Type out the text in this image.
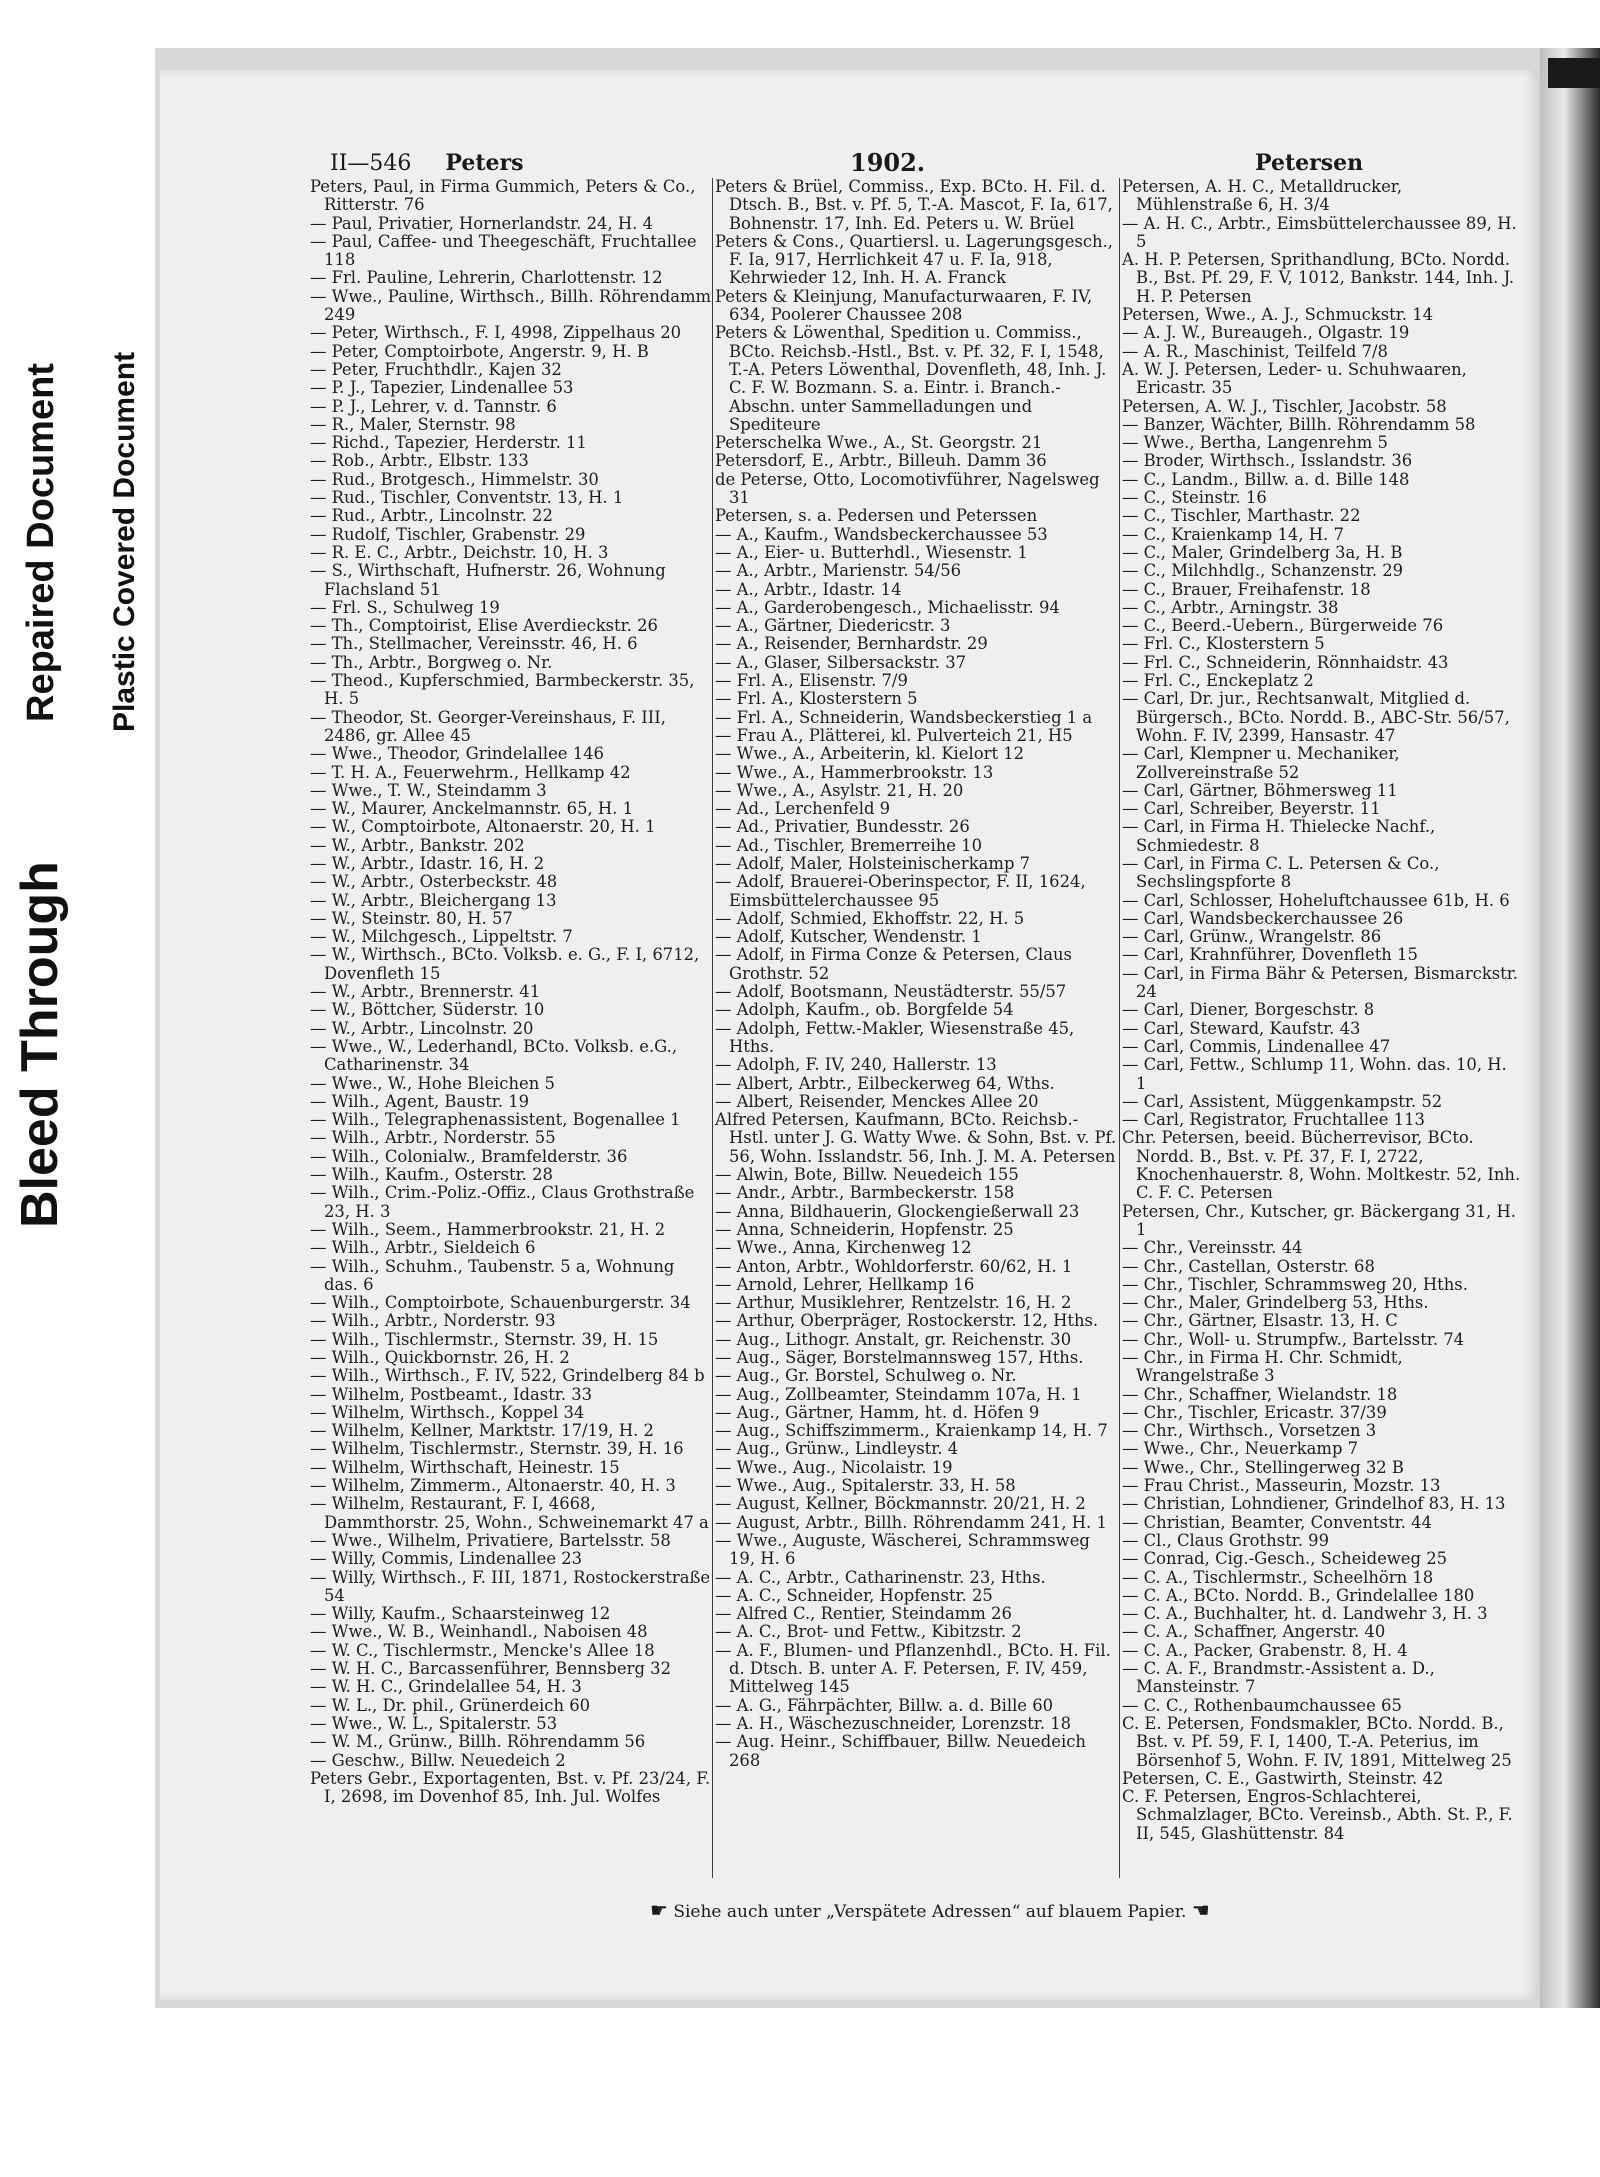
Bleed Through
Repaired Document Plastic Covered Document
II—546 Peters	1902.	Petersen
Peters, Paul, in Firma Gummich, Peters & Co., Ritterstr. 76
— Paul, Privatier, Hornerlandstr. 24, H. 4
— Paul, Caffee- und Theegeschäft, Fruchtallee 118
— Frl. Pauline, Lehrerin, Charlottenstr. 12
— Wwe., Pauline, Wirthsch., Billh. Röhrendamm 249
— Peter, Wirthsch., F. I, 4998, Zippelhaus 20
— Peter, Comptoirbote, Angerstr. 9, H. B
— Peter, Fruchthdlr., Kajen 32
— P. J., Tapezier, Lindenallee 53
— P. J., Lehrer, v. d. Tannstr. 6
— R., Maler, Sternstr. 98
— Richd., Tapezier, Herderstr. 11
— Rob., Arbtr., Elbstr. 133
— Rud., Brotgesch., Himmelstr. 30
— Rud., Tischler, Conventstr. 13, H. 1
— Rud., Arbtr., Lincolnstr. 22
— Rudolf, Tischler, Grabenstr. 29
— R. E. C., Arbtr., Deichstr. 10, H. 3
— S., Wirthschaft, Hufnerstr. 26, Wohnung Flachsland 51
— Frl. S., Schulweg 19
— Th., Comptoirist, Elise Averdieckstr. 26
— Th., Stellmacher, Vereinsstr. 46, H. 6
— Th., Arbtr., Borgweg o. Nr.
— Theod., Kupferschmied, Barmbeckerstr. 35, H. 5
— Theodor, St. Georger-Vereinshaus, F. III, 2486, gr. Allee 45
— Wwe., Theodor, Grindelallee 146
— T. H. A., Feuerwehrm., Hellkamp 42
— Wwe., T. W., Steindamm 3
— W., Maurer, Anckelmannstr. 65, H. 1
— W., Comptoirbote, Altonaerstr. 20, H. 1
— W., Arbtr., Bankstr. 202
— W., Arbtr., Idastr. 16, H. 2
— W., Arbtr., Osterbeckstr. 48
— W., Arbtr., Bleichergang 13
— W., Steinstr. 80, H. 57
— W., Milchgesch., Lippeltstr. 7
— W., Wirthsch., BCto. Volksb. e. G., F. I, 6712, Dovenfleth 15
— W., Arbtr., Brennerstr. 41
— W., Böttcher, Süderstr. 10
— W., Arbtr., Lincolnstr. 20
— Wwe., W., Lederhandl, BCto. Volksb. e.G., Catharinenstr. 34
— Wwe., W., Hohe Bleichen 5
— Wilh., Agent, Baustr. 19
— Wilh., Telegraphenassistent, Bogenallee 1
— Wilh., Arbtr., Norderstr. 55
— Wilh., Colonialw., Bramfelderstr. 36
— Wilh., Kaufm., Osterstr. 28
— Wilh., Crim.-Poliz.-Offiz., Claus Grothstraße 23, H. 3
— Wilh., Seem., Hammerbrookstr. 21, H. 2
— Wilh., Arbtr., Sieldeich 6
— Wilh., Schuhm., Taubenstr. 5 a, Wohnung das. 6
— Wilh., Comptoirbote, Schauenburgerstr. 34
— Wilh., Arbtr., Norderstr. 93
— Wilh., Tischlermstr., Sternstr. 39, H. 15
— Wilh., Quickbornstr. 26, H. 2
— Wilh., Wirthsch., F. IV, 522, Grindelberg 84 b
— Wilhelm, Postbeamt., Idastr. 33
— Wilhelm, Wirthsch., Koppel 34
— Wilhelm, Kellner, Marktstr. 17/19, H. 2
— Wilhelm, Tischlermstr., Sternstr. 39, H. 16
— Wilhelm, Wirthschaft, Heinestr. 15
— Wilhelm, Zimmerm., Altonaerstr. 40, H. 3
— Wilhelm, Restaurant, F. I, 4668, Dammthorstr. 25, Wohn., Schweinemarkt 47 a
— Wwe., Wilhelm, Privatiere, Bartelsstr. 58
— Willy, Commis, Lindenallee 23
— Willy, Wirthsch., F. III, 1871, Rostockerstraße 54
— Willy, Kaufm., Schaarsteinweg 12
— Wwe., W. B., Weinhandl., Naboisen 48
— W. C., Tischlermstr., Mencke's Allee 18
— W. H. C., Barcassenführer, Bennsberg 32
— W. H. C., Grindelallee 54, H. 3
— W. L., Dr. phil., Grünerdeich 60
— Wwe., W. L., Spitalerstr. 53
— W. M., Grünw., Billh. Röhrendamm 56
— Geschw., Billw. Neuedeich 2
Peters Gebr., Exportagenten, Bst. v. Pf. 23/24, F. I, 2698, im Dovenhof 85, Inh. Jul. Wolfes
Peters & Brüel, Commiss., Exp. BCto. H. Fil. d. Dtsch. B., Bst. v. Pf. 5, T.-A. Mascot, F. Ia, 617, Bohnenstr. 17, Inh. Ed. Peters u. W. Brüel
Peters & Cons., Quartiersl. u. Lagerungsgesch., F. Ia, 917, Herrlichkeit 47 u. F. Ia, 918, Kehrwieder 12, Inh. H. A. Franck
Peters & Kleinjung, Manufacturwaaren, F. IV, 634, Poolerer Chaussee 208
Peters & Löwenthal, Spedition u. Commiss., BCto. Reichsb.-Hstl., Bst. v. Pf. 32, F. I, 1548, T.-A. Peters Löwenthal, Dovenfleth, 48, Inh. J. C. F. W. Bozmann. S. a. Eintr. i. Branch.-Abschn. unter Sammelladungen und Spediteure
Peterschelka Wwe., A., St. Georgstr. 21
Petersdorf, E., Arbtr., Billeuh. Damm 36
de Peterse, Otto, Locomotivführer, Nagelsweg 31
Petersen, s. a. Pedersen und Peterssen
— A., Kaufm., Wandsbeckerchaussee 53
— A., Eier- u. Butterhdl., Wiesenstr. 1
— A., Arbtr., Marienstr. 54/56
— A., Arbtr., Idastr. 14
— A., Garderobengesch., Michaelisstr. 94
— A., Gärtner, Diedericstr. 3
— A., Reisender, Bernhardstr. 29
— A., Glaser, Silbersackstr. 37
— Frl. A., Elisenstr. 7/9
— Frl. A., Klosterstern 5
— Frl. A., Schneiderin, Wandsbeckerstieg 1 a
— Frau A., Plätterei, kl. Pulverteich 21, H5
— Wwe., A., Arbeiterin, kl. Kielort 12
— Wwe., A., Hammerbrookstr. 13
— Wwe., A., Asylstr. 21, H. 20
— Ad., Lerchenfeld 9
— Ad., Privatier, Bundesstr. 26
— Ad., Tischler, Bremerreihe 10
— Adolf, Maler, Holsteinischerkamp 7
— Adolf, Brauerei-Oberinspector, F. II, 1624, Eimsbüttelerchaussee 95
— Adolf, Schmied, Ekhoffstr. 22, H. 5
— Adolf, Kutscher, Wendenstr. 1
— Adolf, in Firma Conze & Petersen, Claus Grothstr. 52
— Adolf, Bootsmann, Neustädterstr. 55/57
— Adolph, Kaufm., ob. Borgfelde 54
— Adolph, Fettw.-Makler, Wiesenstraße 45, Hths.
— Adolph, F. IV, 240, Hallerstr. 13
— Albert, Arbtr., Eilbeckerweg 64, Wths.
— Albert, Reisender, Menckes Allee 20
Alfred Petersen, Kaufmann, BCto. Reichsb.-Hstl. unter J. G. Watty Wwe. & Sohn, Bst. v. Pf. 56, Wohn. Isslandstr. 56, Inh. J. M. A. Petersen
— Alwin, Bote, Billw. Neuedeich 155
— Andr., Arbtr., Barmbeckerstr. 158
— Anna, Bildhauerin, Glockengießerwall 23
— Anna, Schneiderin, Hopfenstr. 25
— Wwe., Anna, Kirchenweg 12
— Anton, Arbtr., Wohldorferstr. 60/62, H. 1
— Arnold, Lehrer, Hellkamp 16
— Arthur, Musiklehrer, Rentzelstr. 16, H. 2
— Arthur, Oberpräger, Rostockerstr. 12, Hths.
— Aug., Lithogr. Anstalt, gr. Reichenstr. 30
— Aug., Säger, Borstelmannsweg 157, Hths.
— Aug., Gr. Borstel, Schulweg o. Nr.
— Aug., Zollbeamter, Steindamm 107a, H. 1
— Aug., Gärtner, Hamm, ht. d. Höfen 9
— Aug., Schiffszimmerm., Kraienkamp 14, H. 7
— Aug., Grünw., Lindleystr. 4
— Wwe., Aug., Nicolaistr. 19
— Wwe., Aug., Spitalerstr. 33, H. 58
— August, Kellner, Böckmannstr. 20/21, H. 2
— August, Arbtr., Billh. Röhrendamm 241, H. 1
— Wwe., Auguste, Wäscherei, Schrammsweg 19, H. 6
— A. C., Arbtr., Catharinenstr. 23, Hths.
— A. C., Schneider, Hopfenstr. 25
— Alfred C., Rentier, Steindamm 26
— A. C., Brot- und Fettw., Kibitzstr. 2
— A. F., Blumen- und Pflanzenhdl., BCto. H. Fil. d. Dtsch. B. unter A. F. Petersen, F. IV, 459, Mittelweg 145
— A. G., Fährpächter, Billw. a. d. Bille 60
— A. H., Wäschezuschneider, Lorenzstr. 18
— Aug. Heinr., Schiffbauer, Billw. Neuedeich 268
Petersen, A. H. C., Metalldrucker, Mühlenstraße 6, H. 3/4
— A. H. C., Arbtr., Eimsbüttelerchaussee 89, H. 5
A. H. P. Petersen, Sprithandlung, BCto. Nordd. B., Bst. Pf. 29, F. V, 1012, Bankstr. 144, Inh. J. H. P. Petersen
Petersen, Wwe., A. J., Schmuckstr. 14
— A. J. W., Bureaugeh., Olgastr. 19
— A. R., Maschinist, Teilfeld 7/8
A. W. J. Petersen, Leder- u. Schuhwaaren, Ericastr. 35
Petersen, A. W. J., Tischler, Jacobstr. 58
— Banzer, Wächter, Billh. Röhrendamm 58
— Wwe., Bertha, Langenrehm 5
— Broder, Wirthsch., Isslandstr. 36
— C., Landm., Billw. a. d. Bille 148
— C., Steinstr. 16
— C., Tischler, Marthastr. 22
— C., Kraienkamp 14, H. 7
— C., Maler, Grindelberg 3a, H. B
— C., Milchhdlg., Schanzenstr. 29
— C., Brauer, Freihafenstr. 18
— C., Arbtr., Arningstr. 38
— C., Beerd.-Uebern., Bürgerweide 76
— Frl. C., Klosterstern 5
— Frl. C., Schneiderin, Rönnhaidstr. 43
— Frl. C., Enckeplatz 2
— Carl, Dr. jur., Rechtsanwalt, Mitglied d. Bürgersch., BCto. Nordd. B., ABC-Str. 56/57, Wohn. F. IV, 2399, Hansastr. 47
— Carl, Klempner u. Mechaniker, Zollvereinstraße 52
— Carl, Gärtner, Böhmersweg 11
— Carl, Schreiber, Beyerstr. 11
— Carl, in Firma H. Thielecke Nachf., Schmiedestr. 8
— Carl, in Firma C. L. Petersen & Co., Sechslingspforte 8
— Carl, Schlosser, Hoheluftchaussee 61b, H. 6
— Carl, Wandsbeckerchaussee 26
— Carl, Grünw., Wrangelstr. 86
— Carl, Krahnführer, Dovenfleth 15
— Carl, in Firma Bähr & Petersen, Bismarckstr. 24
— Carl, Diener, Borgeschstr. 8
— Carl, Steward, Kaufstr. 43
— Carl, Commis, Lindenallee 47
— Carl, Fettw., Schlump 11, Wohn. das. 10, H. 1
— Carl, Assistent, Müggenkampstr. 52
— Carl, Registrator, Fruchtallee 113
Chr. Petersen, beeid. Bücherrevisor, BCto. Nordd. B., Bst. v. Pf. 37, F. I, 2722, Knochenhauerstr. 8, Wohn. Moltkestr. 52, Inh. C. F. C. Petersen
Petersen, Chr., Kutscher, gr. Bäckergang 31, H. 1
— Chr., Vereinsstr. 44
— Chr., Castellan, Osterstr. 68
— Chr., Tischler, Schrammsweg 20, Hths.
— Chr., Maler, Grindelberg 53, Hths.
— Chr., Gärtner, Elsastr. 13, H. C
— Chr., Woll- u. Strumpfw., Bartelsstr. 74
— Chr., in Firma H. Chr. Schmidt, Wrangelstraße 3
— Chr., Schaffner, Wielandstr. 18
— Chr., Tischler, Ericastr. 37/39
— Chr., Wirthsch., Vorsetzen 3
— Wwe., Chr., Neuerkamp 7
— Wwe., Chr., Stellingerweg 32 B
— Frau Christ., Masseurin, Mozstr. 13
— Christian, Lohndiener, Grindelhof 83, H. 13
— Christian, Beamter, Conventstr. 44
— Cl., Claus Grothstr. 99
— Conrad, Cig.-Gesch., Scheideweg 25
— C. A., Tischlermstr., Scheelhörn 18
— C. A., BCto. Nordd. B., Grindelallee 180
— C. A., Buchhalter, ht. d. Landwehr 3, H. 3
— C. A., Schaffner, Angerstr. 40
— C. A., Packer, Grabenstr. 8, H. 4
— C. A. F., Brandmstr.-Assistent a. D., Mansteinstr. 7
— C. C., Rothenbaumchaussee 65
C. E. Petersen, Fondsmakler, BCto. Nordd. B., Bst. v. Pf. 59, F. I, 1400, T.-A. Peterius, im Börsenhof 5, Wohn. F. IV, 1891, Mittelweg 25
Petersen, C. E., Gastwirth, Steinstr. 42
C. F. Petersen, Engros-Schlachterei, Schmalzlager, BCto. Vereinsb., Abth. St. P., F. II, 545, Glashüttenstr. 84
☛ Siehe auch unter „Verspätete Adressen“ auf blauem Papier. ☚
